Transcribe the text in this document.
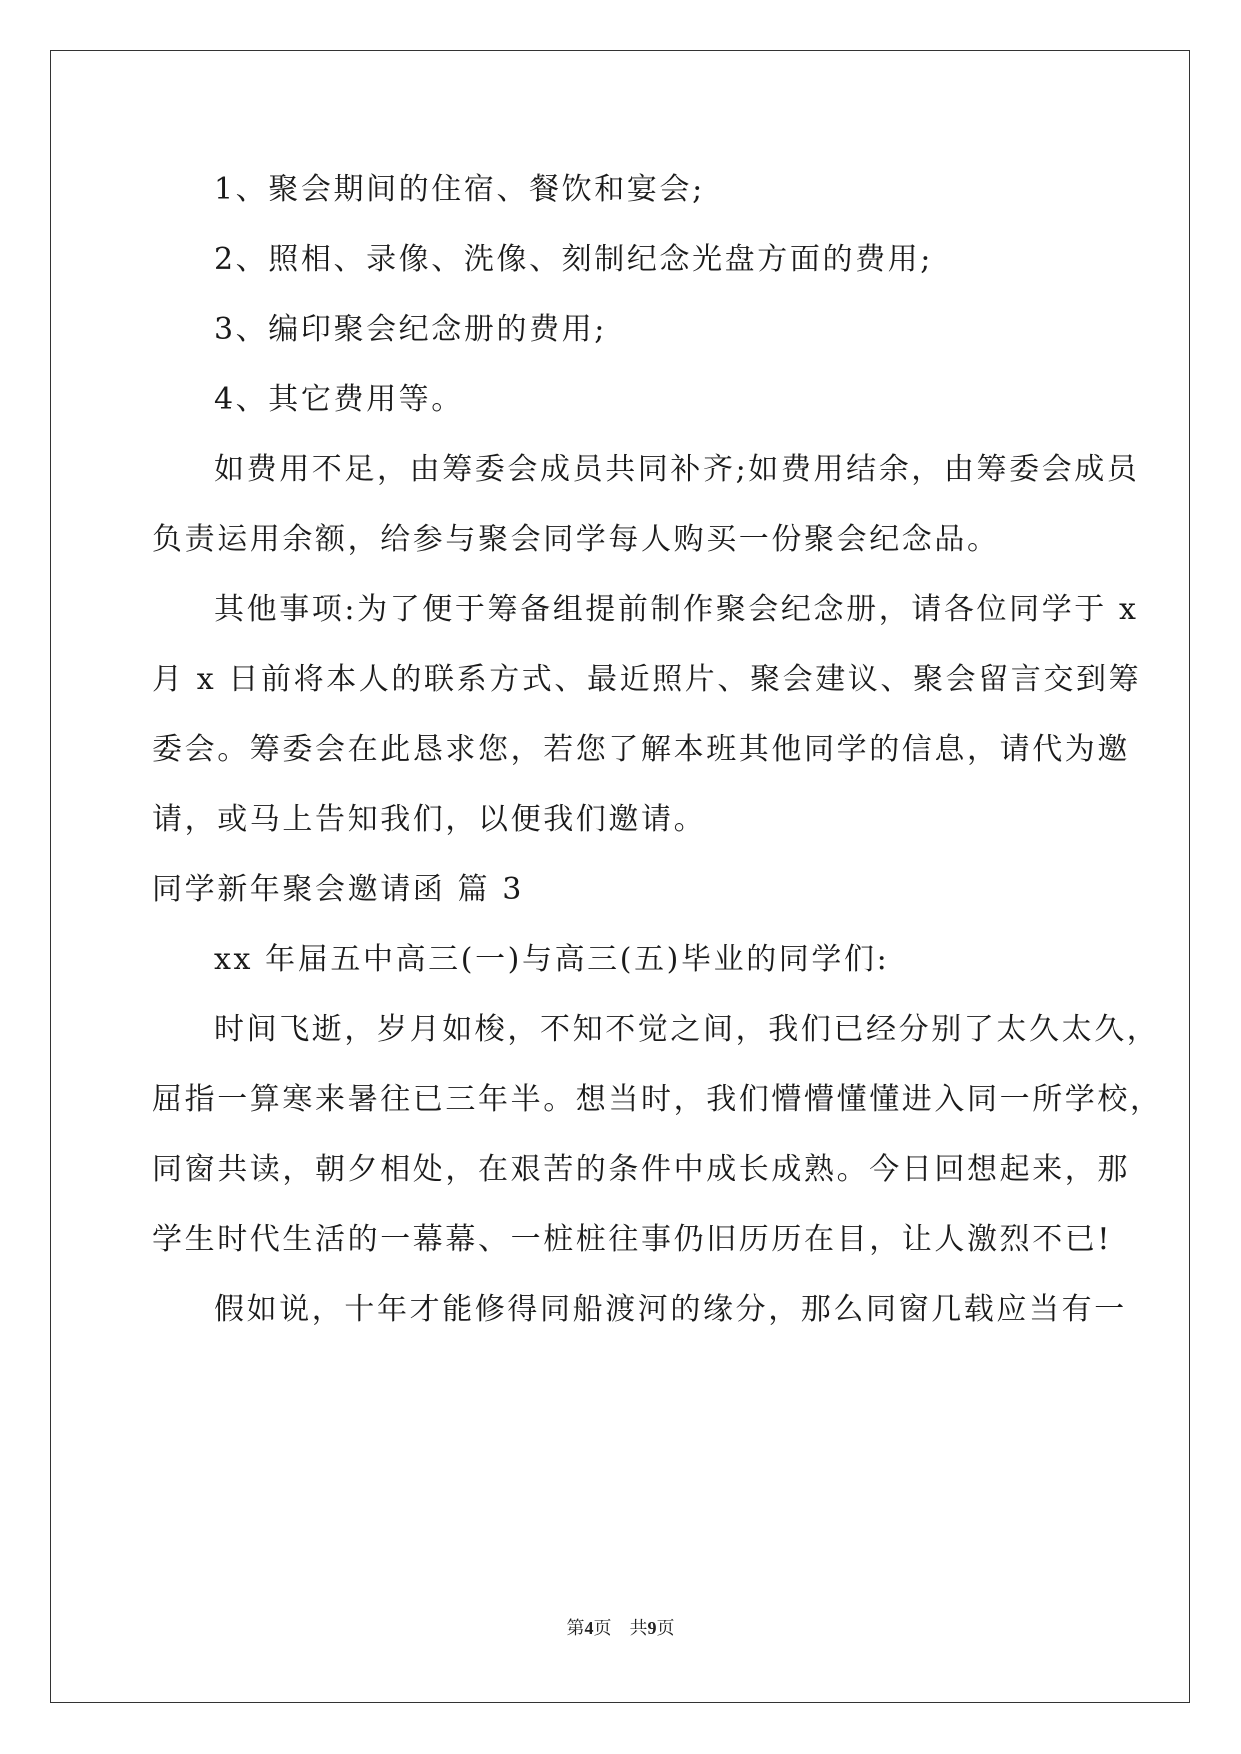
1、聚会期间的住宿、餐饮和宴会;
2、照相、录像、洗像、刻制纪念光盘方面的费用;
3、编印聚会纪念册的费用;
4、其它费用等。
如费用不足，由筹委会成员共同补齐;如费用结余，由筹委会成员
负责运用余额，给参与聚会同学每人购买一份聚会纪念品。
其他事项:为了便于筹备组提前制作聚会纪念册，请各位同学于 x
月 x 日前将本人的联系方式、最近照片、聚会建议、聚会留言交到筹
委会。筹委会在此恳求您，若您了解本班其他同学的信息，请代为邀
请，或马上告知我们，以便我们邀请。
同学新年聚会邀请函 篇 3
xx 年届五中高三(一)与高三(五)毕业的同学们:
时间飞逝，岁月如梭，不知不觉之间，我们已经分别了太久太久，
屈指一算寒来暑往已三年半。想当时，我们懵懵懂懂进入同一所学校，
同窗共读，朝夕相处，在艰苦的条件中成长成熟。今日回想起来，那
学生时代生活的一幕幕、一桩桩往事仍旧历历在目，让人激烈不已!
假如说，十年才能修得同船渡河的缘分，那么同窗几载应当有一
第4页　共9页
